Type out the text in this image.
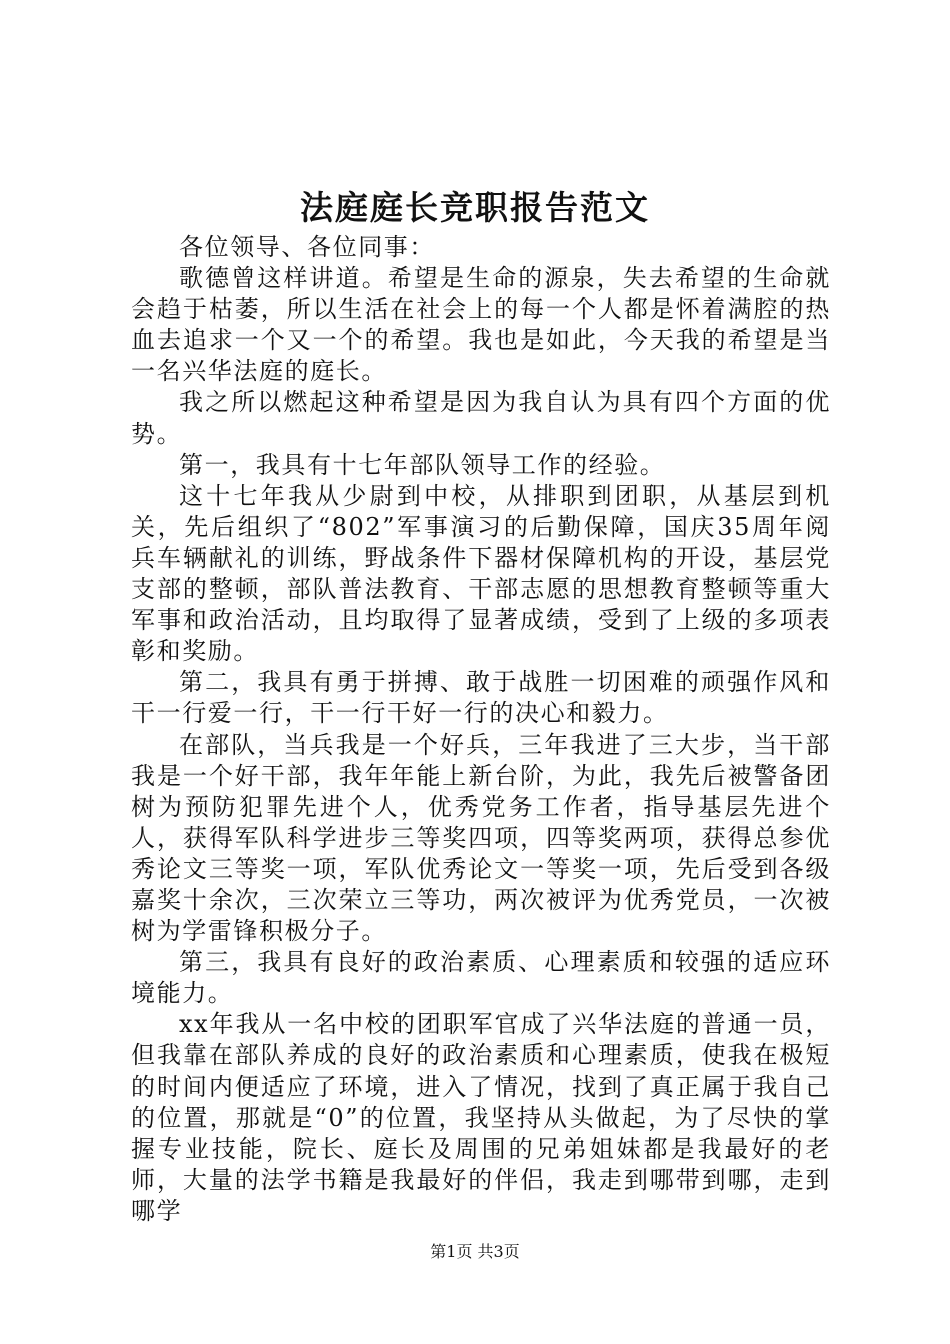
法庭庭长竞职报告范文

各位领导、各位同事：

歌德曾这样讲道。希望是生命的源泉，失去希望的生命就会趋于枯萎，所以生活在社会上的每一个人都是怀着满腔的热血去追求一个又一个的希望。我也是如此，今天我的希望是当一名兴华法庭的庭长。

我之所以燃起这种希望是因为我自认为具有四个方面的优势。

第一，我具有十七年部队领导工作的经验。

这十七年我从少尉到中校，从排职到团职，从基层到机关，先后组织了“802”军事演习的后勤保障，国庆35周年阅兵车辆献礼的训练，野战条件下器材保障机构的开设，基层党支部的整顿，部队普法教育、干部志愿的思想教育整顿等重大军事和政治活动，且均取得了显著成绩，受到了上级的多项表彰和奖励。

第二，我具有勇于拼搏、敢于战胜一切困难的顽强作风和干一行爱一行，干一行干好一行的决心和毅力。

在部队，当兵我是一个好兵，三年我进了三大步，当干部我是一个好干部，我年年能上新台阶，为此，我先后被警备团树为预防犯罪先进个人，优秀党务工作者，指导基层先进个人，获得军队科学进步三等奖四项，四等奖两项，获得总参优秀论文三等奖一项，军队优秀论文一等奖一项，先后受到各级嘉奖十余次，三次荣立三等功，两次被评为优秀党员，一次被树为学雷锋积极分子。

第三，我具有良好的政治素质、心理素质和较强的适应环境能力。

xx年我从一名中校的团职军官成了兴华法庭的普通一员，但我靠在部队养成的良好的政治素质和心理素质，使我在极短的时间内便适应了环境，进入了情况，找到了真正属于我自己的位置，那就是“0”的位置，我坚持从头做起，为了尽快的掌握专业技能，院长、庭长及周围的兄弟姐妹都是我最好的老师，大量的法学书籍是我最好的伴侣，我走到哪带到哪，走到哪学

第1页 共3页
